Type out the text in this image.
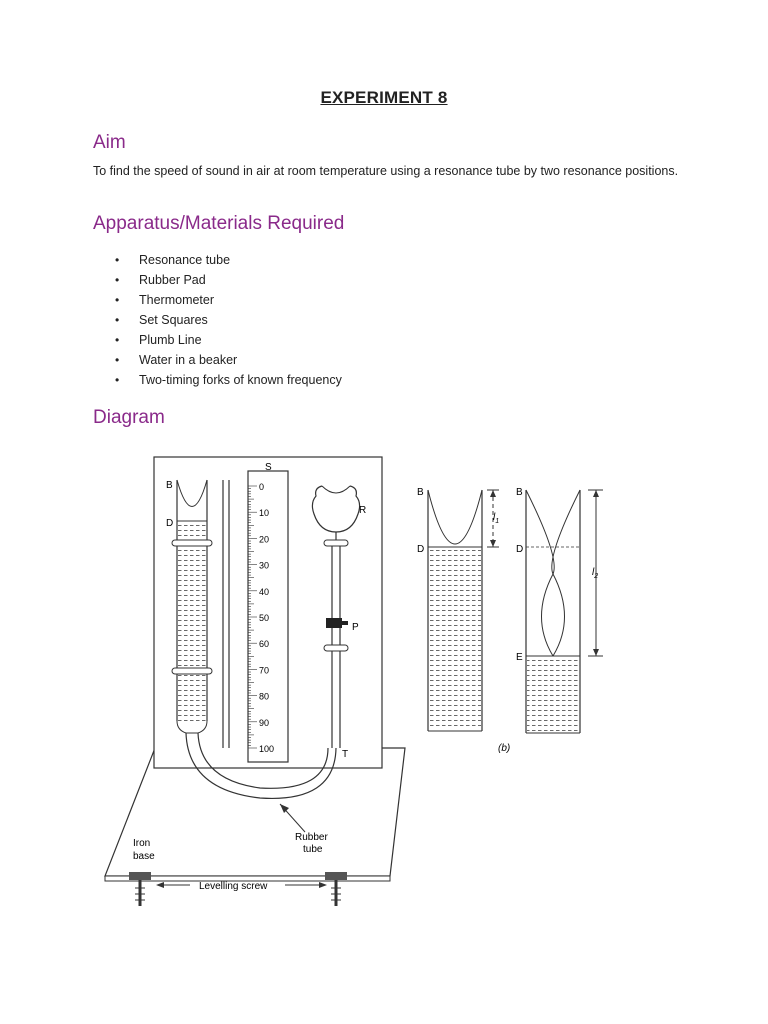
EXPERIMENT 8
Aim
To find the speed of sound in air at room temperature using a resonance tube by two resonance positions.
Apparatus/Materials Required
• Resonance tube
• Rubber Pad
• Thermometer
• Set Squares
• Plumb Line
• Water in a beaker
• Two-timing forks of known frequency
Diagram
0
10
20
30
40
50
60
70
80
90
100
B
D
S
R
P
T
Rubber
tube
Iron
base
Levelling screw
B
D
B
D
E
$l_1$
$l_2$
(b)
